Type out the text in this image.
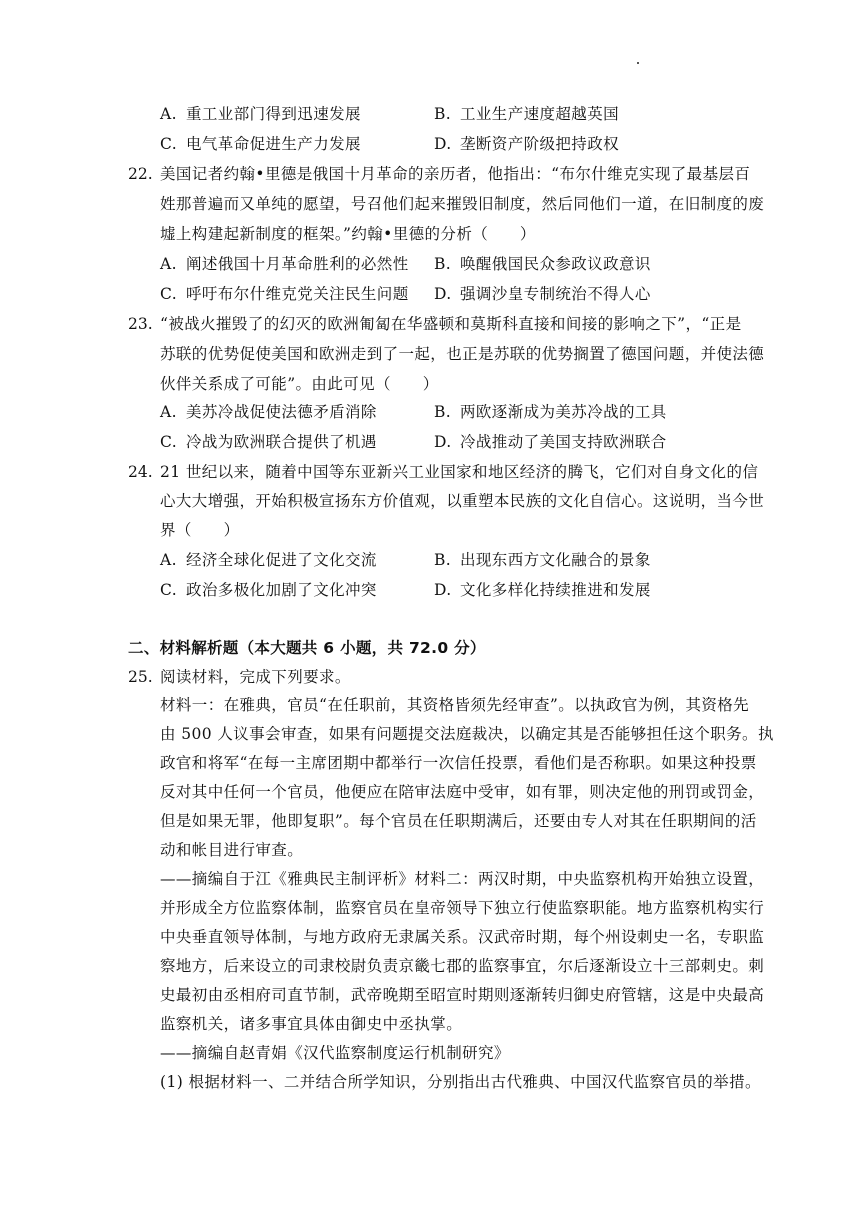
A. 重工业部门得到迅速发展	B. 工业生产速度超越英国
C. 电气革命促进生产力发展	D. 垄断资产阶级把持政权
22. 美国记者约翰•里德是俄国十月革命的亲历者，他指出：“布尔什维克实现了最基层百
姓那普遍而又单纯的愿望，号召他们起来摧毁旧制度，然后同他们一道，在旧制度的废
墟上构建起新制度的框架。”约翰•里德的分析（　　）
A. 阐述俄国十月革命胜利的必然性 B. 唤醒俄国民众参政议政意识
C. 呼吁布尔什维克党关注民生问题 D. 强调沙皇专制统治不得人心
23. “被战火摧毁了的幻灭的欧洲匍匐在华盛顿和莫斯科直接和间接的影响之下”，“正是
苏联的优势促使美国和欧洲走到了一起，也正是苏联的优势搁置了德国问题，并使法德
伙伴关系成了可能”。由此可见（　　）
A. 美苏冷战促使法德矛盾消除	B. 两欧逐渐成为美苏冷战的工具
C. 冷战为欧洲联合提供了机遇	D. 冷战推动了美国支持欧洲联合
24. 21 世纪以来，随着中国等东亚新兴工业国家和地区经济的腾飞，它们对自身文化的信
心大大增强，开始积极宣扬东方价值观，以重塑本民族的文化自信心。这说明，当今世
界（　　）
A. 经济全球化促进了文化交流	B. 出现东西方文化融合的景象
C. 政治多极化加剧了文化冲突	D. 文化多样化持续推进和发展
二、材料解析题（本大题共 6 小题，共 72.0 分）
25. 阅读材料，完成下列要求。
材料一：在雅典，官员“在任职前，其资格皆须先经审查”。以执政官为例，其资格先
由 500 人议事会审查，如果有问题提交法庭裁决，以确定其是否能够担任这个职务。执
政官和将军“在每一主席团期中都举行一次信任投票，看他们是否称职。如果这种投票
反对其中任何一个官员，他便应在陪审法庭中受审，如有罪，则决定他的刑罚或罚金，
但是如果无罪，他即复职”。每个官员在任职期满后，还要由专人对其在任职期间的活
动和帐目进行审查。
——摘编自于江《雅典民主制评析》材料二：两汉时期，中央监察机构开始独立设置，
并形成全方位监察体制，监察官员在皇帝领导下独立行使监察职能。地方监察机构实行
中央垂直领导体制，与地方政府无隶属关系。汉武帝时期，每个州设刺史一名，专职监
察地方，后来设立的司隶校尉负责京畿七郡的监察事宜，尔后逐渐设立十三部刺史。刺
史最初由丞相府司直节制，武帝晚期至昭宣时期则逐渐转归御史府管辖，这是中央最高
监察机关，诸多事宜具体由御史中丞执掌。
——摘编自赵青娟《汉代监察制度运行机制研究》
(1) 根据材料一、二并结合所学知识，分别指出古代雅典、中国汉代监察官员的举措。
